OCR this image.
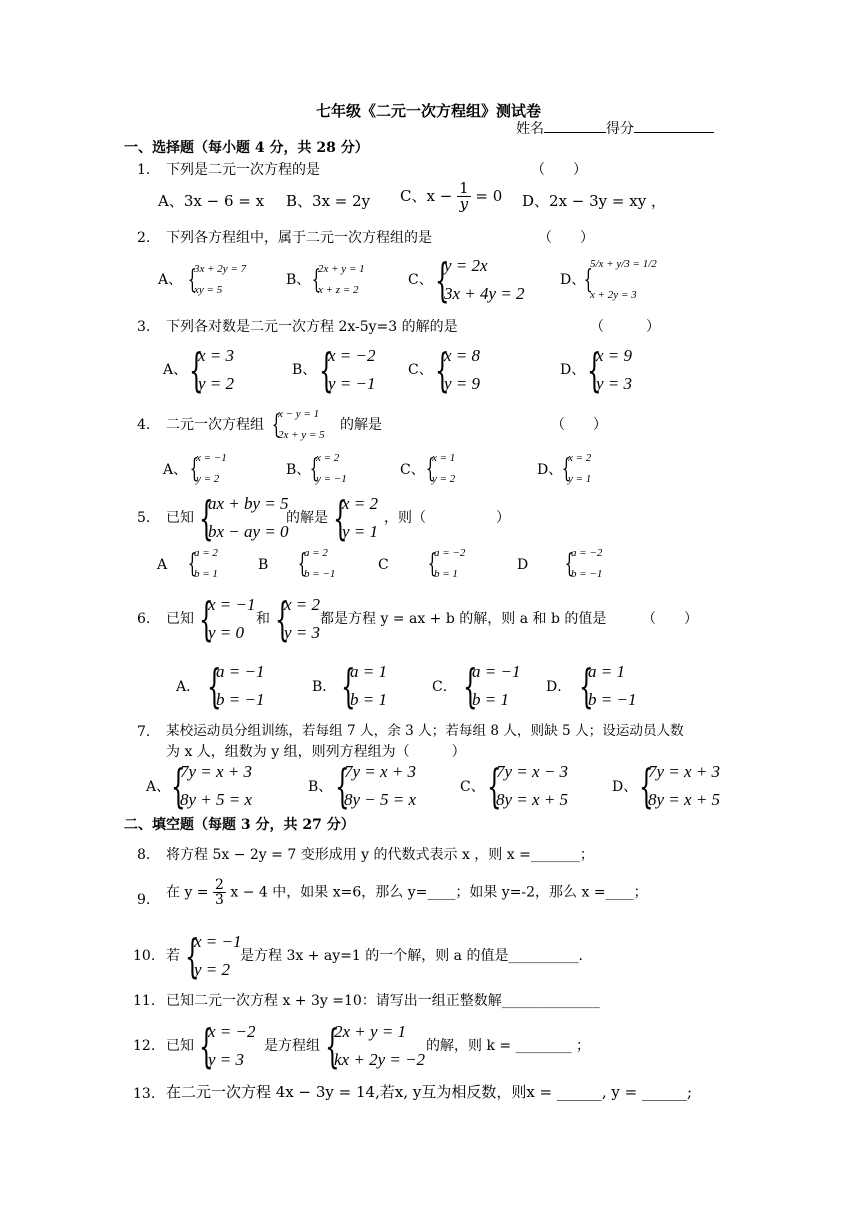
七年级《二元一次方程组》测试卷
姓名	得分
一、选择题（每小题 4 分，共 28 分）
1. 下列是二元一次方程的是	（　　）
A、3x − 6 = x B、3x = 2y C、$x - \frac{1}{y} = 0$ D、2x − 3y = xy ，
2. 下列各方程组中，属于二元一次方程组的是	（　　）
A、 {
3x + 2y = 7
xy = 5
B、 {
2x + y = 1
x + z = 2
C、 {
y = 2x
3x + 4y = 2
D、
{
5/x + y/3 = 1/2
x + 2y = 3
3. 下列各对数是二元一次方程 2x-5y=3 的解的是	（　　　）
A、 {
x = 3
y = 2
B、 {
x = −2
y = −1
C、 {
x = 8
y = 9
D、 {
x = 9
y = 3
4. 二元一次方程组 {
x − y = 1
2x + y = 5
的解是	（　　）
A、 {
x = −1
y = 2
B、 {
x = 2
y = −1
C、 {
x = 1
y = 2
D、 {
x = 2
y = 1
5. 已知 {
ax + by = 5
bx − ay = 0
的解是 {
x = 2
y = 1
，则（　　　　　）
A {
a = 2
b = 1
B {
a = 2
b = −1
C {
a = −2
b = 1
D {
a = −2
b = −1
6. 已知 {
x = −1
y = 0
和 {
x = 2
y = 3
都是方程 y = ax + b 的解，则 a 和 b 的值是	（　　）
A． {
a = −1
b = −1
B． {
a = 1
b = 1
C． {
a = −1
b = 1
D． {
a = 1
b = −1
7. 某校运动员分组训练，若每组 7 人，余 3 人；若每组 8 人，则缺 5 人；设运动员人数
为 x 人，组数为 y 组，则列方程组为（　　　）
A、 {
7y = x + 3
8y + 5 = x
B、 {
7y = x + 3
8y − 5 = x
C、 {
7y = x − 3
8y = x + 5
D、 {
7y = x + 3
8y = x + 5
二、填空题（每题 3 分，共 27 分）
8. 将方程 5x − 2y = 7 变形成用 y 的代数式表示 x ，则 x =_______；
9. 在 $y = \frac{2}{3}$ x − 4 中，如果 x=6，那么 y=____；如果 y=-2，那么 x =____；
10. 若 {
x = −1
y = 2
是方程 3x + ay=1 的一个解，则 a 的值是__________.
11. 已知二元一次方程 x + 3y =10：请写出一组正整数解______________
12. 已知 {
x = −2
y = 3
是方程组 {
2x + y = 1
kx + 2y = −2
的解，则 k = ________ ；
13. 在二元一次方程 4x − 3y = 14,若x, y互为相反数，则x = ______, y = ______;
